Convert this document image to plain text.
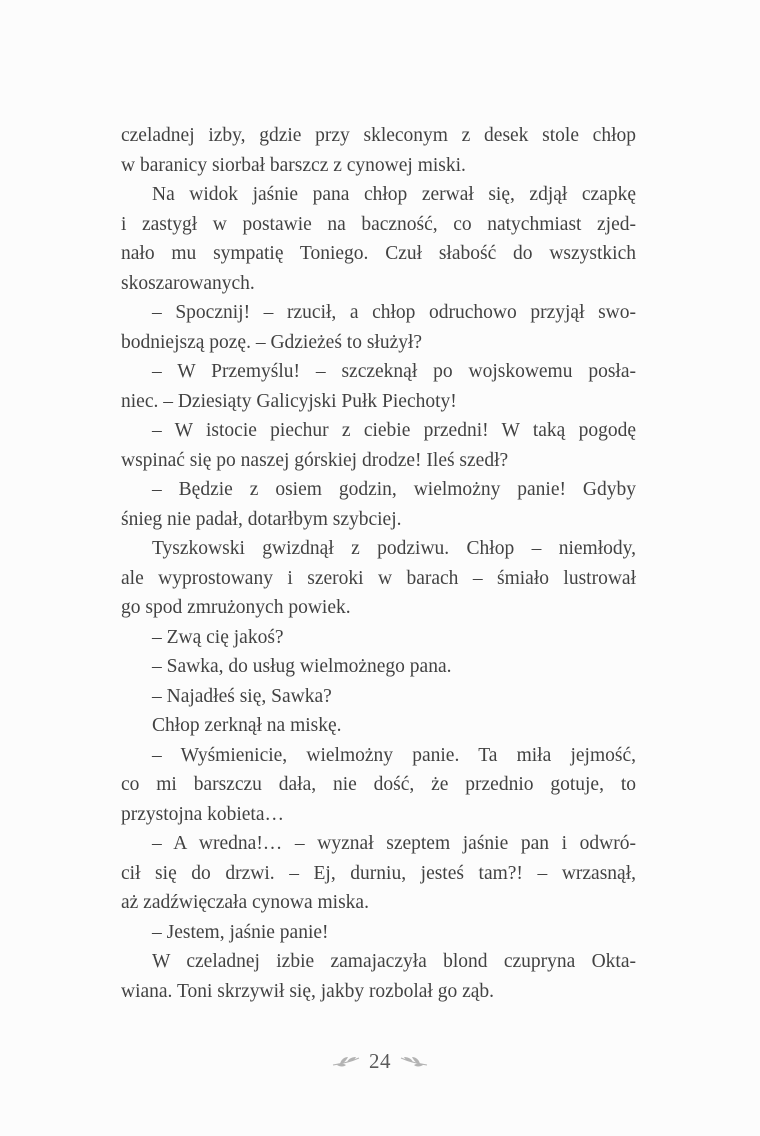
czeladnej izby, gdzie przy skleconym z desek stole chłop
w baranicy siorbał barszcz z cynowej miski.
Na widok jaśnie pana chłop zerwał się, zdjął czapkę
i zastygł w postawie na baczność, co natychmiast zjed-
nało mu sympatię Toniego. Czuł słabość do wszystkich
skoszarowanych.
– Spocznij! – rzucił, a chłop odruchowo przyjął swo-
bodniejszą pozę. – Gdzieżeś to służył?
– W Przemyślu! – szczeknął po wojskowemu posła-
niec. – Dziesiąty Galicyjski Pułk Piechoty!
– W istocie piechur z ciebie przedni! W taką pogodę
wspinać się po naszej górskiej drodze! Ileś szedł?
– Będzie z osiem godzin, wielmożny panie! Gdyby
śnieg nie padał, dotarłbym szybciej.
Tyszkowski gwizdnął z podziwu. Chłop – niemłody,
ale wyprostowany i szeroki w barach – śmiało lustrował
go spod zmrużonych powiek.
– Zwą cię jakoś?
– Sawka, do usług wielmożnego pana.
– Najadłeś się, Sawka?
Chłop zerknął na miskę.
– Wyśmienicie, wielmożny panie. Ta miła jejmość,
co mi barszczu dała, nie dość, że przednio gotuje, to
przystojna kobieta…
– A wredna!… – wyznał szeptem jaśnie pan i odwró-
cił się do drzwi. – Ej, durniu, jesteś tam?! – wrzasnął,
aż zadźwięczała cynowa miska.
– Jestem, jaśnie panie!
W czeladnej izbie zamajaczyła blond czupryna Okta-
wiana. Toni skrzywił się, jakby rozbolał go ząb.
24
